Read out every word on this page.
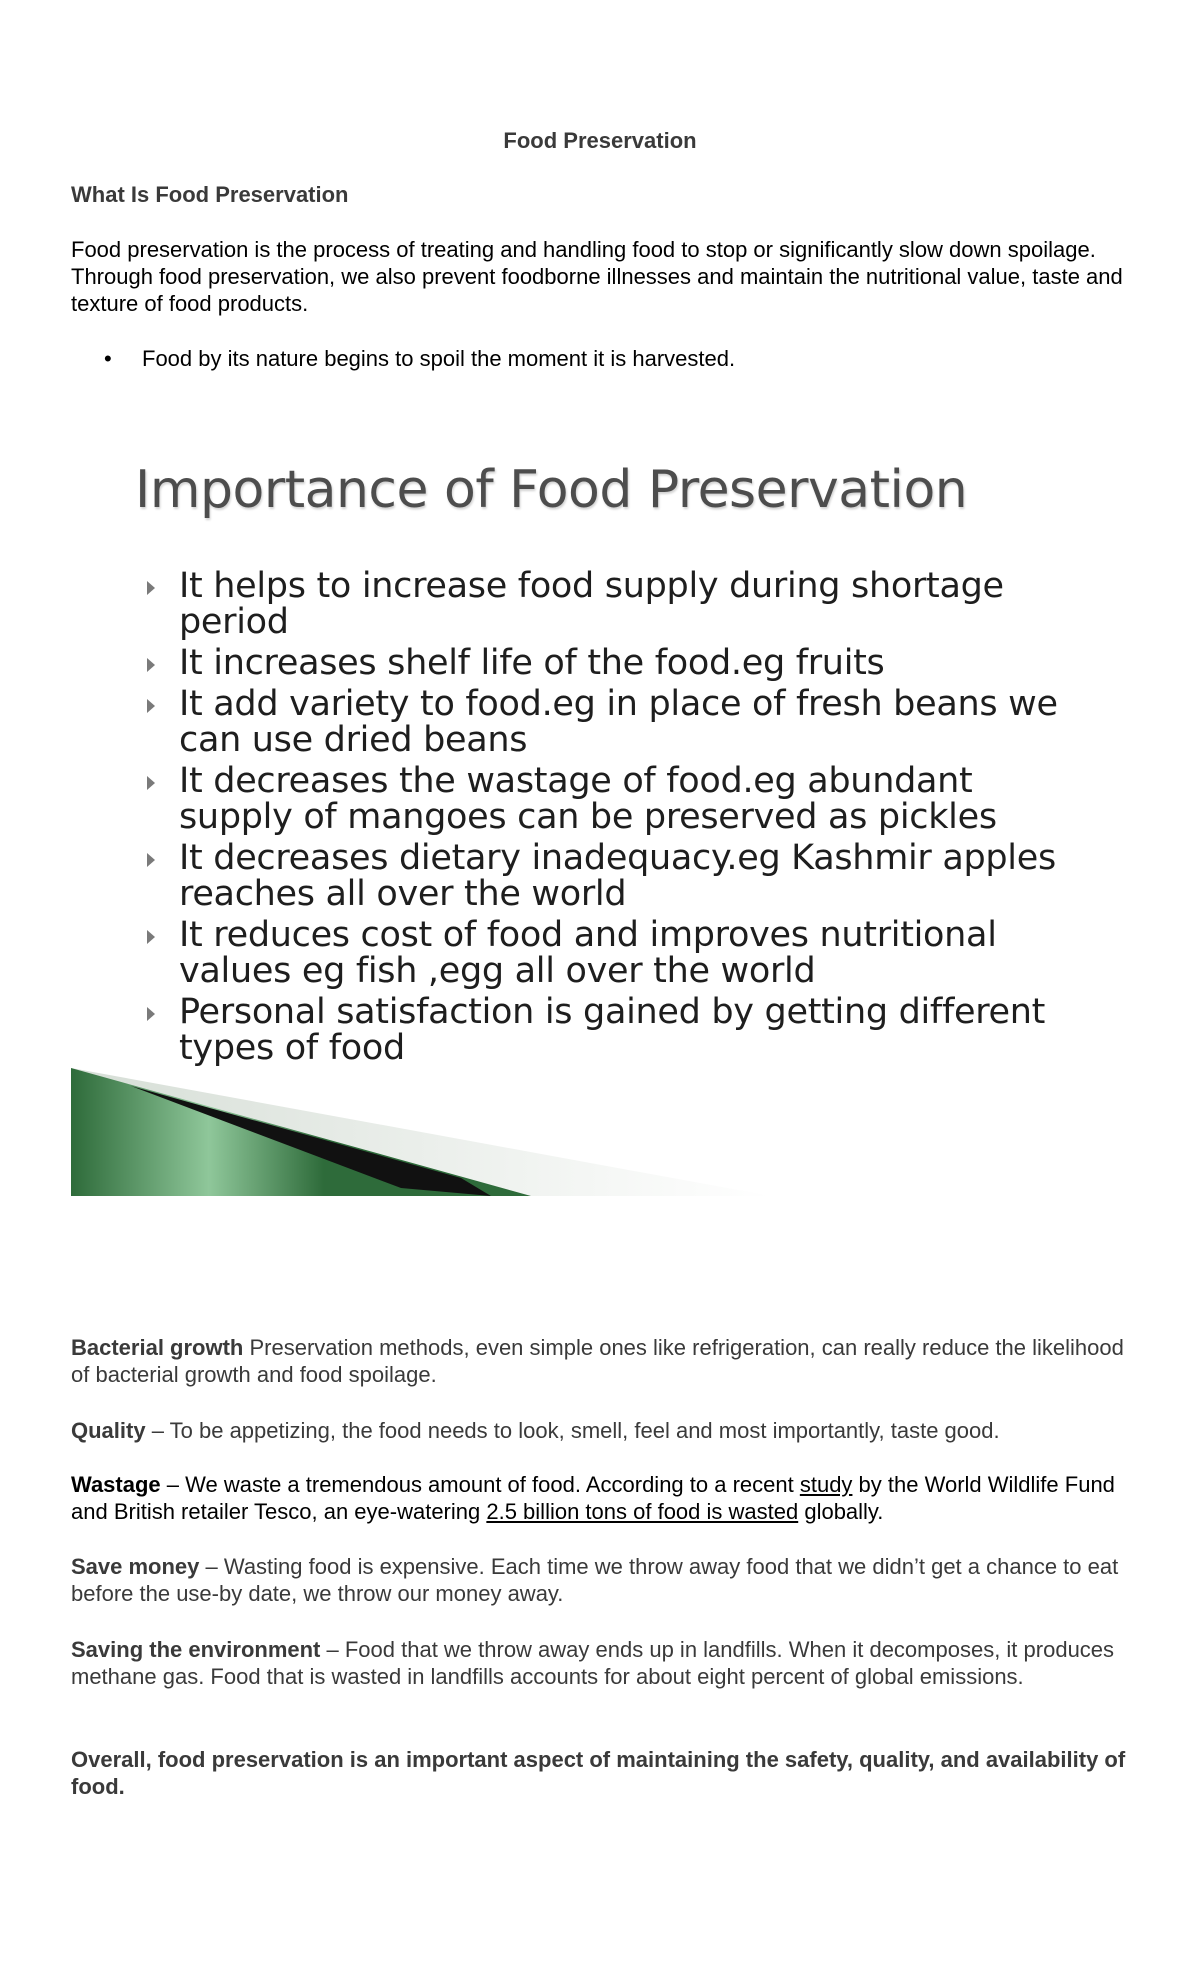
Food Preservation
What Is Food Preservation
Food preservation is the process of treating and handling food to stop or significantly slow down spoilage. Through food preservation, we also prevent foodborne illnesses and maintain the nutritional value, taste and texture of food products.
•Food by its nature begins to spoil the moment it is harvested.
Importance of Food Preservation
It helps to increase food supply during shortage period
It increases shelf life of the food.eg fruits
It add variety to food.eg in place of fresh beans we can use dried beans
It decreases the wastage of food.eg abundant supply of mangoes can be preserved as pickles
It decreases dietary inadequacy.eg Kashmir apples reaches all over the world
It reduces cost of food and improves nutritional values eg fish ,egg all over the world
Personal satisfaction is gained by getting different types of food
Bacterial growth Preservation methods, even simple ones like refrigeration, can really reduce the likelihood of bacterial growth and food spoilage.
Quality – To be appetizing, the food needs to look, smell, feel and most importantly, taste good.
Wastage – We waste a tremendous amount of food. According to a recent study by the World Wildlife Fund and British retailer Tesco, an eye-watering 2.5 billion tons of food is wasted globally.
Save money – Wasting food is expensive. Each time we throw away food that we didn’t get a chance to eat before the use-by date, we throw our money away.
Saving the environment – Food that we throw away ends up in landfills. When it decomposes, it produces methane gas. Food that is wasted in landfills accounts for about eight percent of global emissions.
Overall, food preservation is an important aspect of maintaining the safety, quality, and availability of food.
